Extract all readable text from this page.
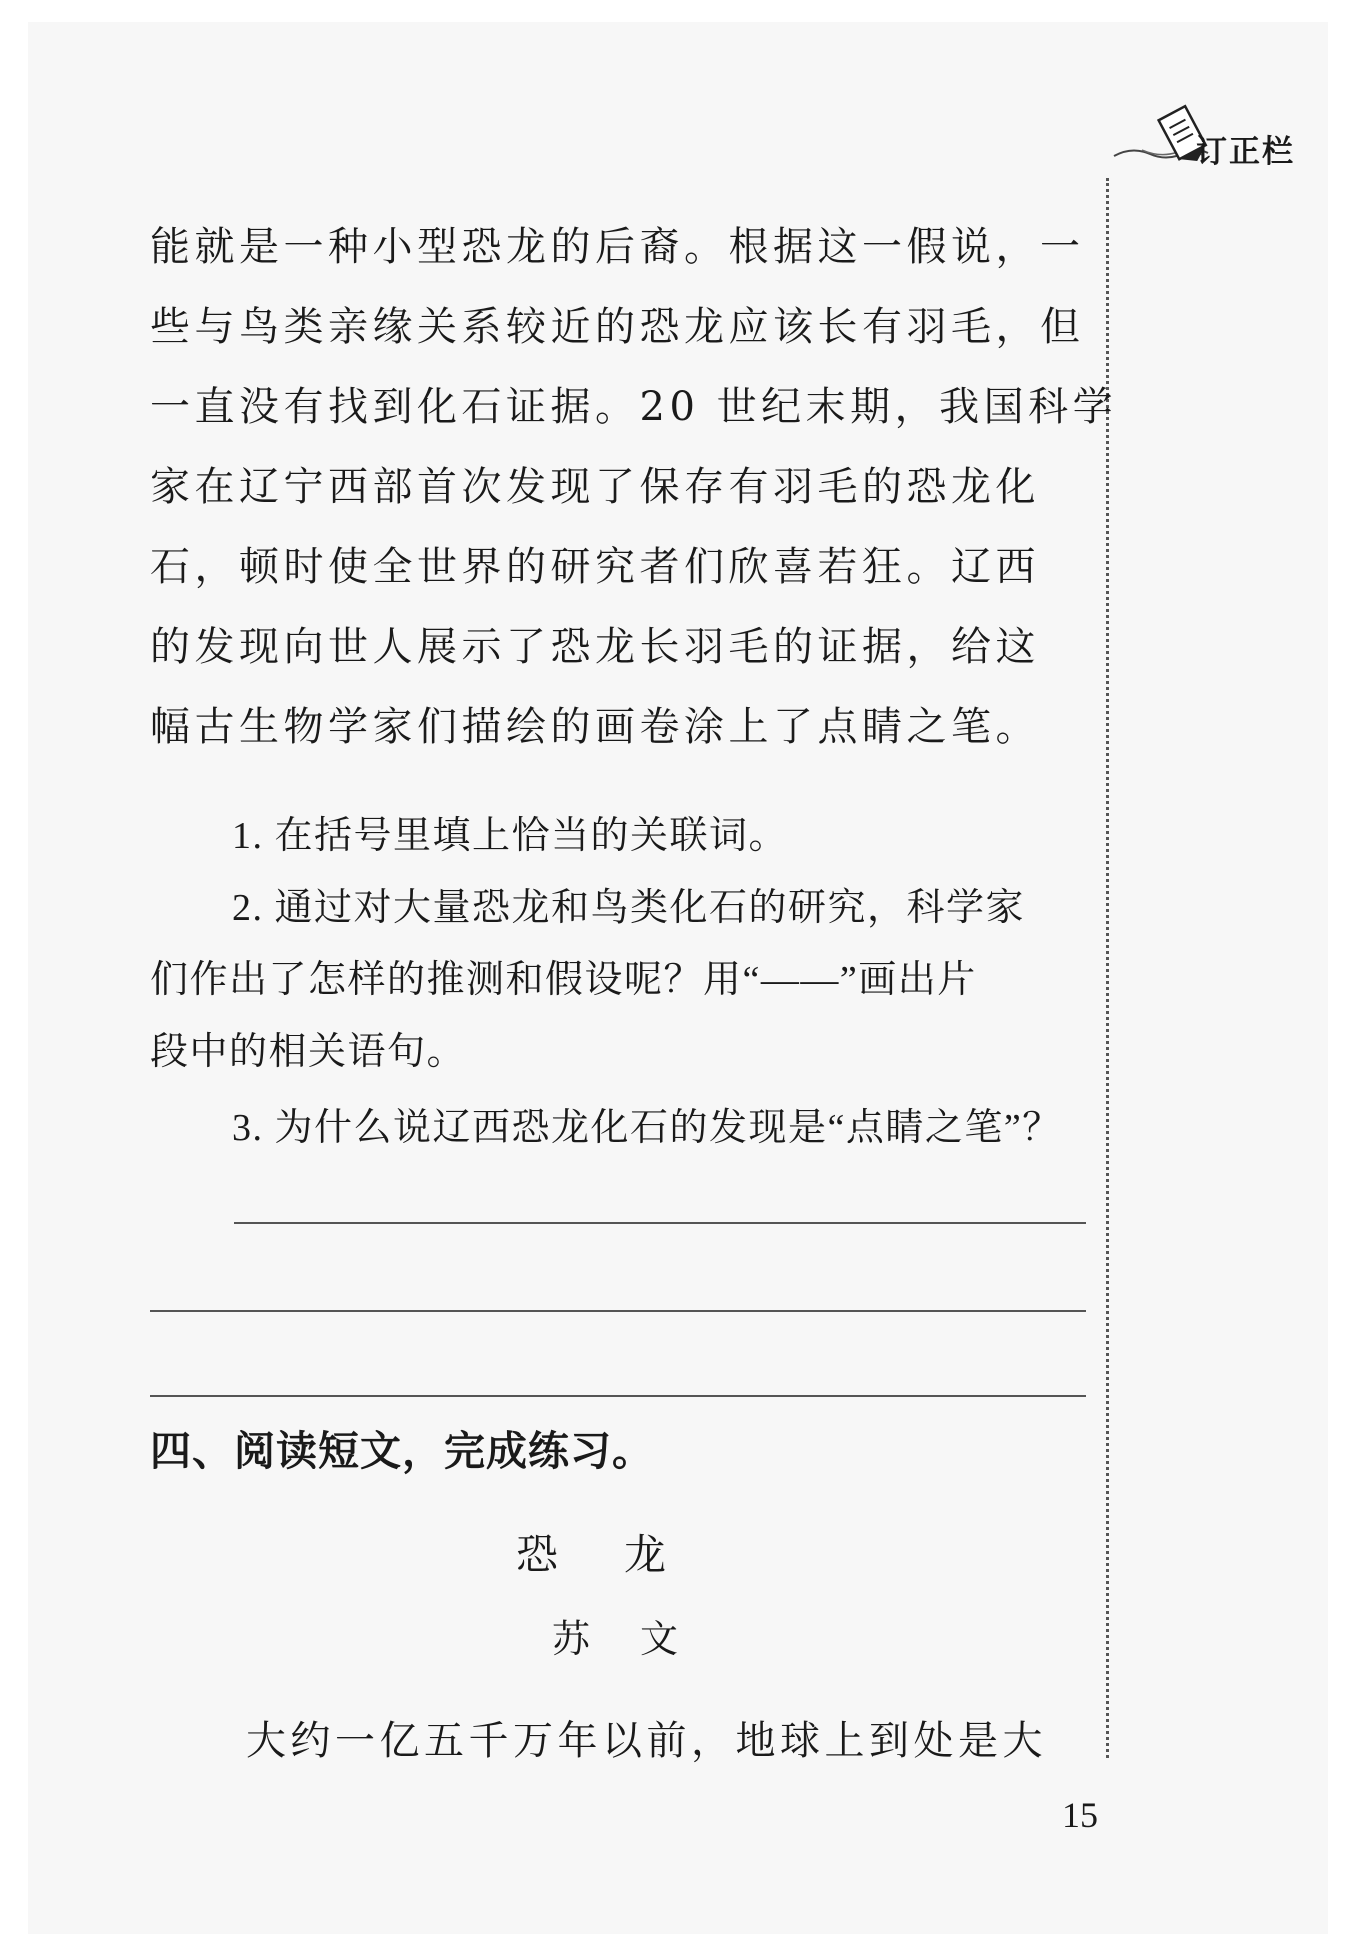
订正栏
能就是一种小型恐龙的后裔。根据这一假说，一
些与鸟类亲缘关系较近的恐龙应该长有羽毛，但
一直没有找到化石证据。20 世纪末期，我国科学
家在辽宁西部首次发现了保存有羽毛的恐龙化
石，顿时使全世界的研究者们欣喜若狂。辽西
的发现向世人展示了恐龙长羽毛的证据，给这
幅古生物学家们描绘的画卷涂上了点睛之笔。
1. 在括号里填上恰当的关联词。
2. 通过对大量恐龙和鸟类化石的研究，科学家
们作出了怎样的推测和假设呢？用“——”画出片
段中的相关语句。
3. 为什么说辽西恐龙化石的发现是“点睛之笔”？
四、阅读短文，完成练习。
恐龙
苏文
大约一亿五千万年以前，地球上到处是大
15
